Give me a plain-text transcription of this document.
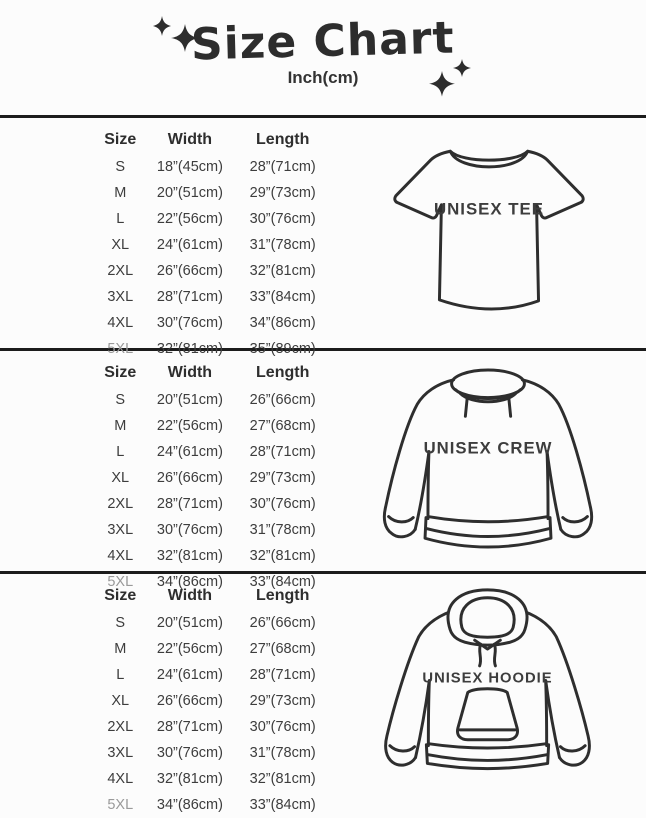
Size Chart
Inch(cm)
Size	Width	Length
S	18”(45cm)	28”(71cm)
M	20”(51cm)	29”(73cm)
L	22”(56cm)	30”(76cm)
XL	24”(61cm)	31”(78cm)
2XL	26”(66cm)	32”(81cm)
3XL	28”(71cm)	33”(84cm)
4XL	30”(76cm)	34”(86cm)
5XL	32”(81cm)	35”(89cm)
UNISEX TEE
Size	Width	Length
S	20”(51cm)	26”(66cm)
M	22”(56cm)	27”(68cm)
L	24”(61cm)	28”(71cm)
XL	26”(66cm)	29”(73cm)
2XL	28”(71cm)	30”(76cm)
3XL	30”(76cm)	31”(78cm)
4XL	32”(81cm)	32”(81cm)
5XL	34”(86cm)	33”(84cm)
UNISEX CREW
Size	Width	Length
S	20”(51cm)	26”(66cm)
M	22”(56cm)	27”(68cm)
L	24”(61cm)	28”(71cm)
XL	26”(66cm)	29”(73cm)
2XL	28”(71cm)	30”(76cm)
3XL	30”(76cm)	31”(78cm)
4XL	32”(81cm)	32”(81cm)
5XL	34”(86cm)	33”(84cm)
UNISEX HOODIE
